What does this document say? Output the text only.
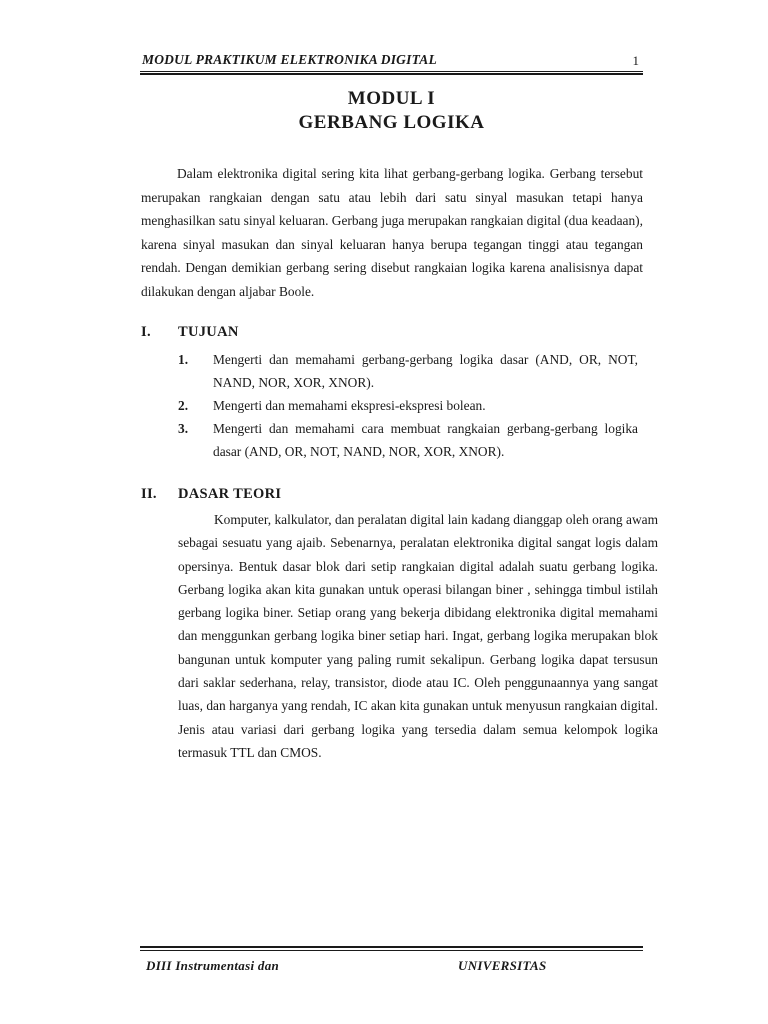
MODUL PRAKTIKUM ELEKTRONIKA DIGITAL	1
MODUL I
GERBANG LOGIKA

Dalam elektronika digital sering kita lihat gerbang-gerbang logika. Gerbang tersebut merupakan rangkaian dengan satu atau lebih dari satu sinyal masukan tetapi hanya menghasilkan satu sinyal keluaran. Gerbang juga merupakan rangkaian digital (dua keadaan), karena sinyal masukan dan sinyal keluaran hanya berupa tegangan tinggi atau tegangan rendah. Dengan demikian gerbang sering disebut rangkaian logika karena analisisnya dapat dilakukan dengan aljabar Boole.

I. TUJUAN
1. Mengerti dan memahami gerbang-gerbang logika dasar (AND, OR, NOT, NAND, NOR, XOR, XNOR).
2. Mengerti dan memahami ekspresi-ekspresi bolean.
3. Mengerti dan memahami cara membuat rangkaian gerbang-gerbang logika dasar (AND, OR, NOT, NAND, NOR, XOR, XNOR).
II. DASAR TEORI

Komputer, kalkulator, dan peralatan digital lain kadang dianggap oleh orang awam sebagai sesuatu yang ajaib. Sebenarnya, peralatan elektronika digital sangat logis dalam opersinya. Bentuk dasar blok dari setip rangkaian digital adalah suatu gerbang logika. Gerbang logika akan kita gunakan untuk operasi bilangan biner , sehingga timbul istilah gerbang logika biner. Setiap orang yang bekerja dibidang elektronika digital memahami dan menggunkan gerbang logika biner setiap hari. Ingat, gerbang logika merupakan blok bangunan untuk komputer yang paling rumit sekalipun. Gerbang logika dapat tersusun dari saklar sederhana, relay, transistor, diode atau IC. Oleh penggunaannya yang sangat luas, dan harganya yang rendah, IC akan kita gunakan untuk menyusun rangkaian digital. Jenis atau variasi dari gerbang logika yang tersedia dalam semua kelompok logika termasuk TTL dan CMOS.

DIII Instrumentasi dan	UNIVERSITAS
